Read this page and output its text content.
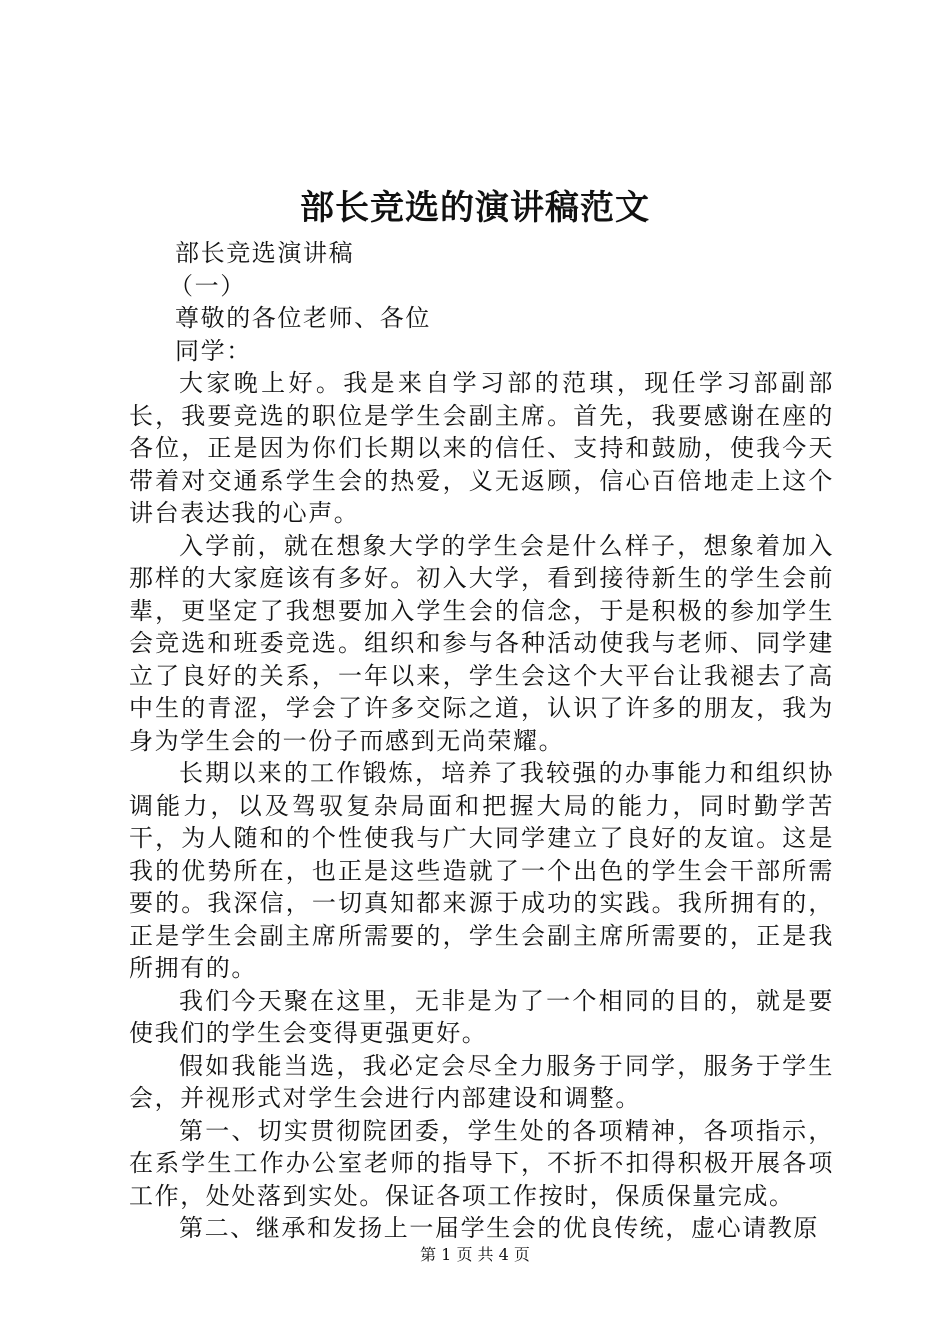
部长竞选的演讲稿范文

部长竞选演讲稿

（一）

尊敬的各位老师、各位

同学：

大家晚上好。我是来自学习部的范琪，现任学习部副部长，我要竞选的职位是学生会副主席。首先，我要感谢在座的各位，正是因为你们长期以来的信任、支持和鼓励，使我今天带着对交通系学生会的热爱，义无返顾，信心百倍地走上这个讲台表达我的心声。

入学前，就在想象大学的学生会是什么样子，想象着加入那样的大家庭该有多好。初入大学，看到接待新生的学生会前辈，更坚定了我想要加入学生会的信念，于是积极的参加学生会竞选和班委竞选。组织和参与各种活动使我与老师、同学建立了良好的关系，一年以来，学生会这个大平台让我褪去了高中生的青涩，学会了许多交际之道，认识了许多的朋友，我为身为学生会的一份子而感到无尚荣耀。

长期以来的工作锻炼，培养了我较强的办事能力和组织协调能力，以及驾驭复杂局面和把握大局的能力，同时勤学苦干，为人随和的个性使我与广大同学建立了良好的友谊。这是我的优势所在，也正是这些造就了一个出色的学生会干部所需要的。我深信，一切真知都来源于成功的实践。我所拥有的，正是学生会副主席所需要的，学生会副主席所需要的，正是我所拥有的。

我们今天聚在这里，无非是为了一个相同的目的，就是要使我们的学生会变得更强更好。

假如我能当选，我必定会尽全力服务于同学，服务于学生会，并视形式对学生会进行内部建设和调整。

第一、切实贯彻院团委，学生处的各项精神，各项指示，在系学生工作办公室老师的指导下，不折不扣得积极开展各项工作，处处落到实处。保证各项工作按时，保质保量完成。

第二、继承和发扬上一届学生会的优良传统，虚心请教原

第 1 页 共 4 页
